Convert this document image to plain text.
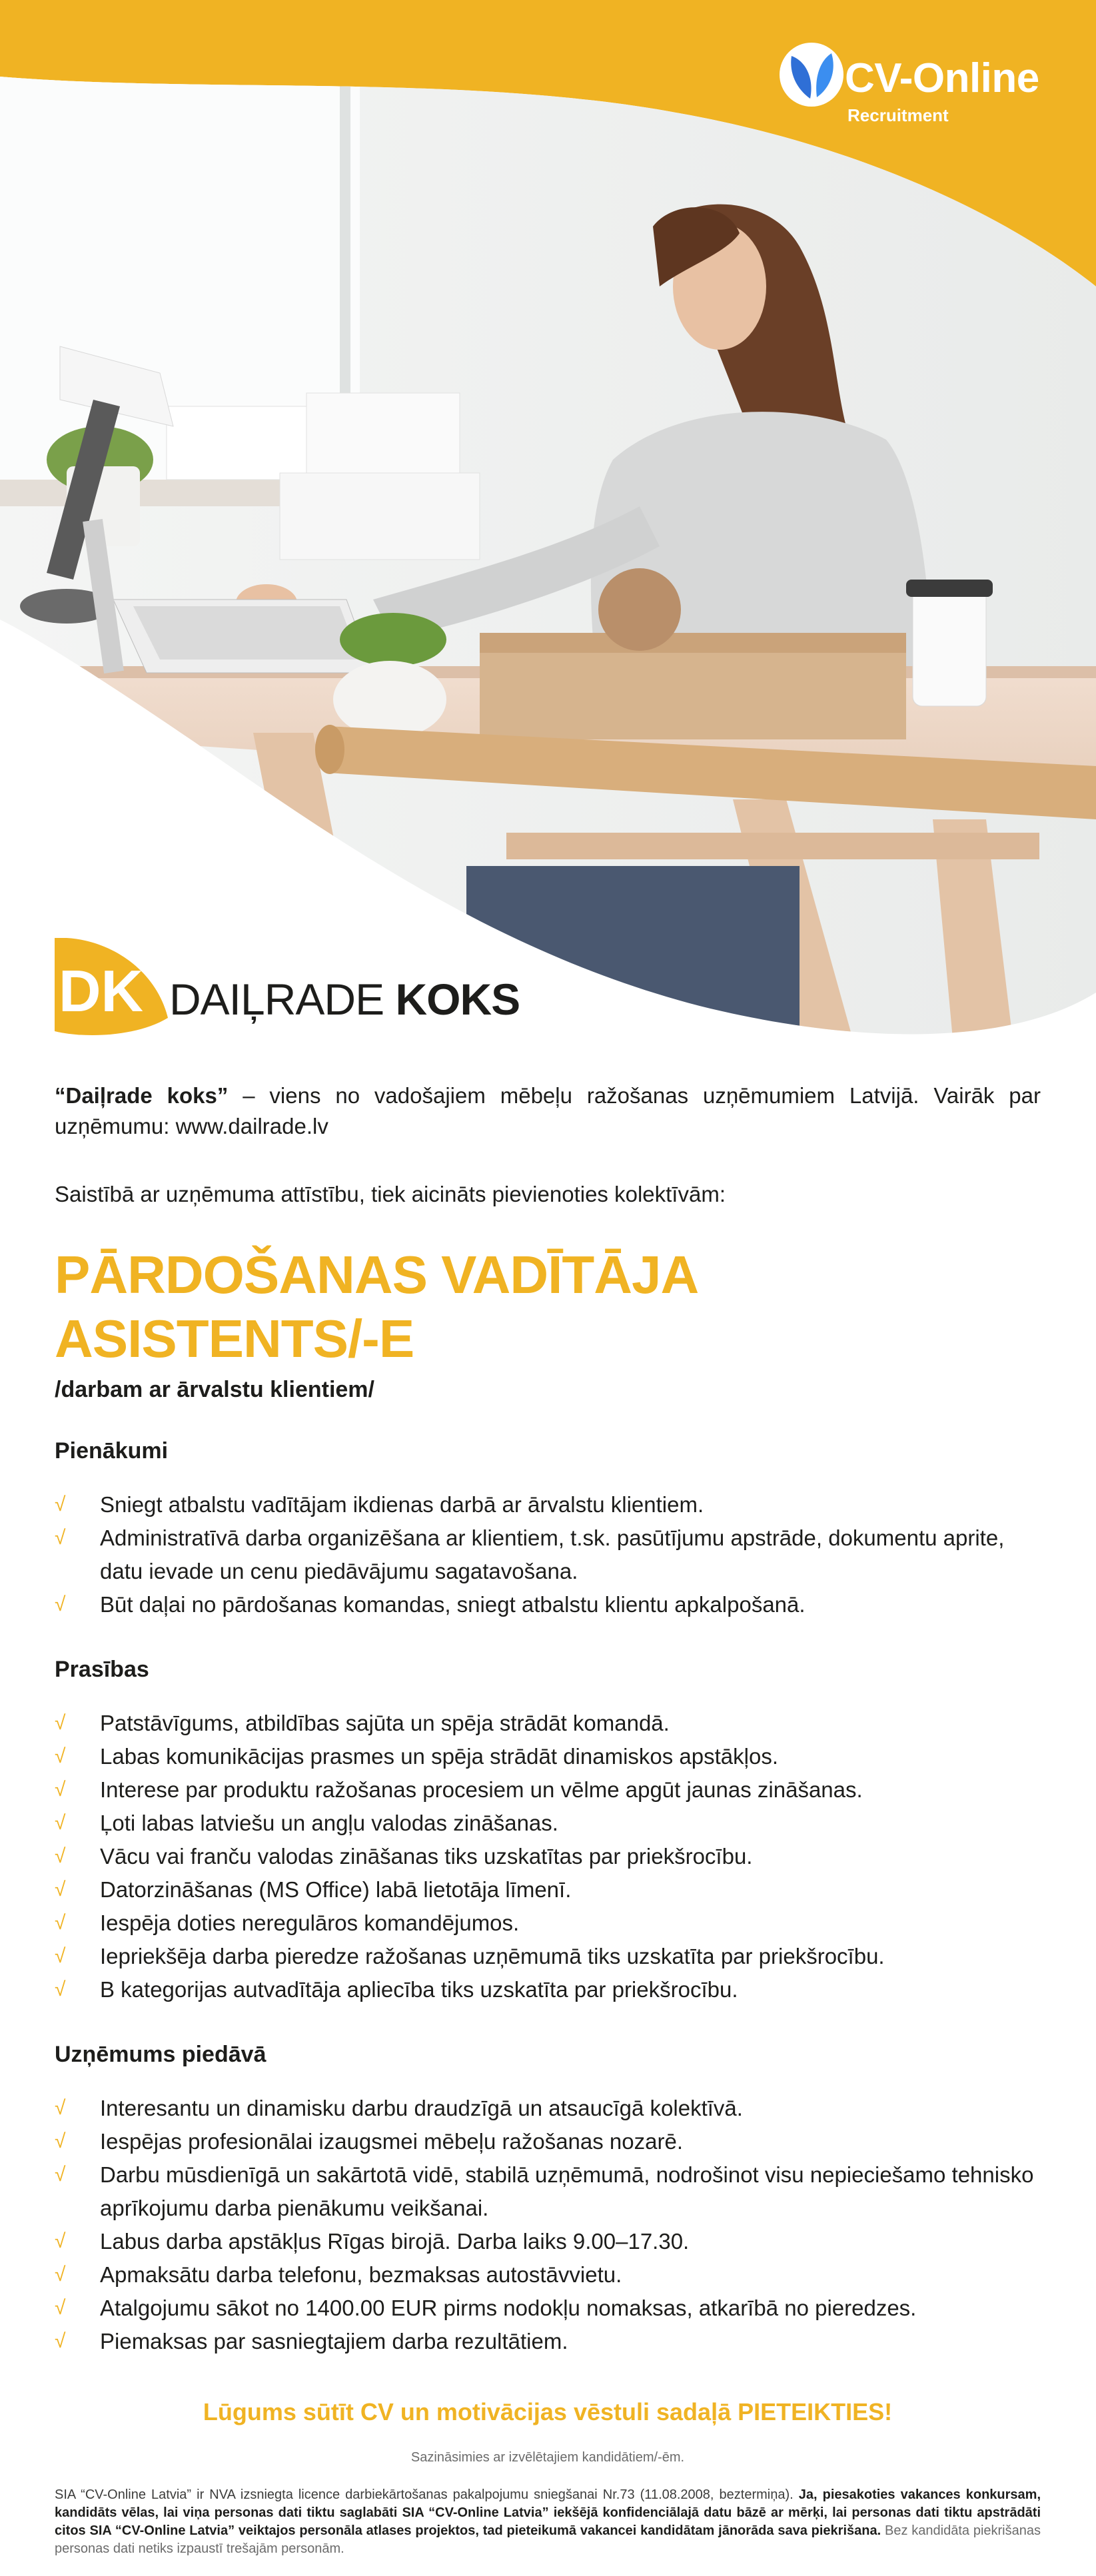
CV-Online
Recruitment
DK DAIĻRADE KOKS

“Daiļrade koks” – viens no vadošajiem mēbeļu ražošanas uzņēmumiem Latvijā. Vairāk par uzņēmumu: www.dailrade.lv

Saistībā ar uzņēmuma attīstību, tiek aicināts pievienoties kolektīvām:

PĀRDOŠANAS VADĪTĀJA
ASISTENTS/-E
/darbam ar ārvalstu klientiem/
Pienākumi
√ Sniegt atbalstu vadītājam ikdienas darbā ar ārvalstu klientiem.
√ Administratīvā darba organizēšana ar klientiem, t.sk. pasūtījumu apstrāde, dokumentu aprite, datu ievade un cenu piedāvājumu sagatavošana.
√ Būt daļai no pārdošanas komandas, sniegt atbalstu klientu apkalpošanā.
Prasības
√ Patstāvīgums, atbildības sajūta un spēja strādāt komandā.
√ Labas komunikācijas prasmes un spēja strādāt dinamiskos apstākļos.
√ Interese par produktu ražošanas procesiem un vēlme apgūt jaunas zināšanas.
√ Ļoti labas latviešu un angļu valodas zināšanas.
√ Vācu vai franču valodas zināšanas tiks uzskatītas par priekšrocību.
√ Datorzināšanas (MS Office) labā lietotāja līmenī.
√ Iespēja doties neregulāros komandējumos.
√ Iepriekšēja darba pieredze ražošanas uzņēmumā tiks uzskatīta par priekšrocību.
√ B kategorijas autvadītāja apliecība tiks uzskatīta par priekšrocību.
Uzņēmums piedāvā
√ Interesantu un dinamisku darbu draudzīgā un atsaucīgā kolektīvā.
√ Iespējas profesionālai izaugsmei mēbeļu ražošanas nozarē.
√ Darbu mūsdienīgā un sakārtotā vidē, stabilā uzņēmumā, nodrošinot visu nepieciešamo tehnisko aprīkojumu darba pienākumu veikšanai.
√ Labus darba apstākļus Rīgas birojā. Darba laiks 9.00–17.30.
√ Apmaksātu darba telefonu, bezmaksas autostāvvietu.
√ Atalgojumu sākot no 1400.00 EUR pirms nodokļu nomaksas, atkarībā no pieredzes.
√ Piemaksas par sasniegtajiem darba rezultātiem.
Lūgums sūtīt CV un motivācijas vēstuli sadaļā PIETEIKTIES!
Sazināsimies ar izvēlētajiem kandidātiem/-ēm.

SIA “CV-Online Latvia” ir NVA izsniegta licence darbiekārtošanas pakalpojumu sniegšanai Nr.73 (11.08.2008, beztermiņa). Ja, piesakoties vakances konkursam, kandidāts vēlas, lai viņa personas dati tiktu saglabāti SIA “CV-Online Latvia” iekšējā konfidenciālajā datu bāzē ar mērķi, lai personas dati tiktu apstrādāti citos SIA “CV-Online Latvia” veiktajos personāla atlases projektos, tad pieteikumā vakancei kandidātam jānorāda sava piekrišana. Bez kandidāta piekrišanas personas dati netiks izpaustī trešajām personām.
